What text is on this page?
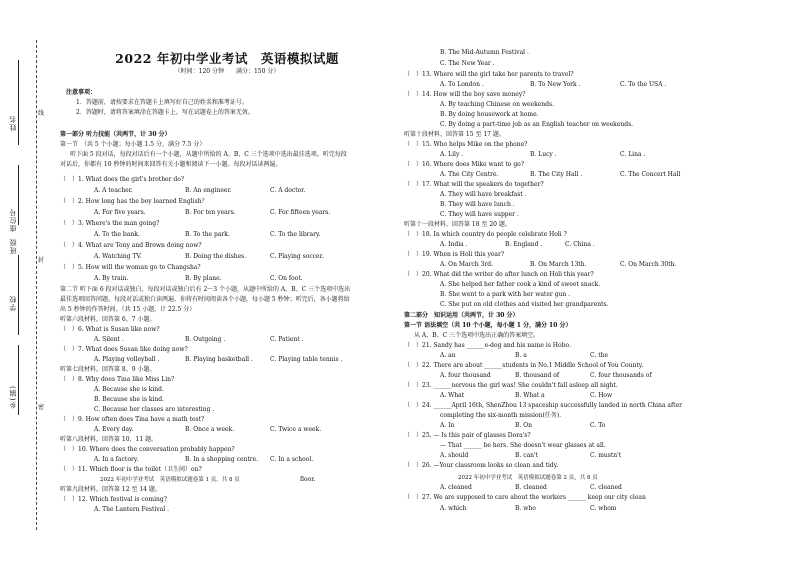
姓名
座位号
班级
学校
乡(镇)
线
封
密
2022 年初中学业考试　英语模拟试题
（时间：120 分钟　　满分：150 分）
注意事项：
1．答题前，请按要求在答题卡上填写好自己的姓名和准考证号。
2．答题时，请将答案填涂在答题卡上，写在试题卷上的答案无效。
第一部分 听力技能（共两节，计 30 分）
第一节　（共 5 个小题；每小题 1.5 分，满分 7.5 分）
听下面 5 段对话，每段对话后有一个小题，从题中所给的 A、B、C 三个选项中选出最佳选项。听完每段
对话后，你都有 10 秒钟的时间来回答有关小题和阅读下一小题。每段对话读两遍。
（　）1. What does the girl's brother do?
A. A teacher.	B. An engineer.	C. A doctor.
（　）2. How long has the boy learned English？
A. For five years.	B. For ten years.	C. For fifteen years.
（　）3. Where's the man going?
A. To the bank.	B. To the park.	C. To the library.
（　）4. What are Tony and Brown doing now?
A. Watching TV.	B. Doing the dishes.	C. Playing soccer.
（　）5. How will the woman go to Changsha?
A. By train.	B. By plane.	C. On foot.
第二节 听下面 6 段对话或独白，每段对话或独白后有 2～3 个小题，从题中所给的 A、B、C 三个选项中选出
最佳选项回答问题。每段对话或独白读两遍。你将有时间阅读各个小题，每小题 5 秒钟；听完后，各小题将给
出 5 秒钟的作答时间。（共 15 小题，计 22.5 分）
听第六段材料，回答第 6、7 小题。
（　）6. What is Susan like now?
A. Silent .	B. Outgoing .	C. Patient .
（　）7. What does Susan like doing now?
A. Playing volleyball .	B. Playing basketball .	C. Playing table tennis .
听第七段材料，回答第 8、9 小题。
（　）8. Why does Tina like Miss Lin?
A. Because she is kind.
B. Because she is kind.
C. Because her classes are interesting .
（　）9. How often does Tina have a math test?
A. Every day.	B. Once a week.	C. Twice a week.
听第八段材料，回答第 10、11 题。
（　）10. Where does the conversation probably happen?
A. In a factory.	B. In a shopping centre. C. In a school.
（　）11. Which floor is the toilet（卫生间）on?
2022 年初中学业考试　英语模拟试题卷第 1 页，共 8 页	floor.
听第九段材料，回答第 12 至 14 题。
（　）12. Which festival is coming?
A. The Lantern Festival .
B. The Mid-Autumn Festival .
C. The New Year .
（　）13. Where will the girl take her parents to travel?
A. To London .	B. To New York .	C. To the USA .
（　）14. How will the boy save money?
A. By teaching Chinese on weekends.
B. By doing housework at home.
C. By doing a part-time job as an English teacher on weekends.
听第十段材料，回答第 15 至 17 题。
（　）15. Who helps Mike on the phone?
A. Lily .	B. Lucy .	C. Lina .
（　）16. Where does Mike want to go?
A. The City Centre.	B. The City Hall .	C. The Concert Hall
（　）17. What will the speakers do together?
A. They will have breakfast .
B. They will have lunch .
C. They will have supper .
听第十一段材料，回答第 18 至 20 题。
（　）18. In which country do people celebrate Holi ?
A. India .	B. England .	C. China .
（　）19. When is Holi this year?
A. On March 3rd.	B. On March 13th.	C. On March 30th.
（　）20. What did the writer do after lunch on Holi this year?
A. She helped her father cook a kind of sweet snack.
B. She went to a park with her water gun .
C. She put on old clothes and visited her grandparents.
第二部分　知识运用（共两节，计 30 分）
第一节 语法填空（共 10 个小题，每小题 1 分，满分 10 分）
从 A、B、C 三个选项中选出正确的答案填空。
（　）21. Sandy has ______e-dog and his name is Hobo.
A. an	B. a	C. the
（　）22. There are about ______students in No.1 Middle School of You County.
A. four thousand	B. thousand of	C. four thousands of
（　）23. ______nervous the girl was! She couldn't fall asleep all night.
A. What	B. What a	C. How
（　）24. ______April 16th, ShenZhou 13 spaceship successfully landed in north China after
completing the six-month mission(任务).
A. In	B. On	C. To
（　）25. — Is this pair of glasses Dora's?
— That ______ be hers. She doesn't wear glasses at all.
A. should	B. can't	C. mustn't
（　）26. —Your classroom looks so clean and tidy.
2022 年初中学业考试　英语模拟试题卷第 2 页，共 8 页
A. cleaned	B. cleaned	C. cleaned
（　）27. We are supposed to care about the workers ______ keep our city clean
A. which	B. who	C. whom
